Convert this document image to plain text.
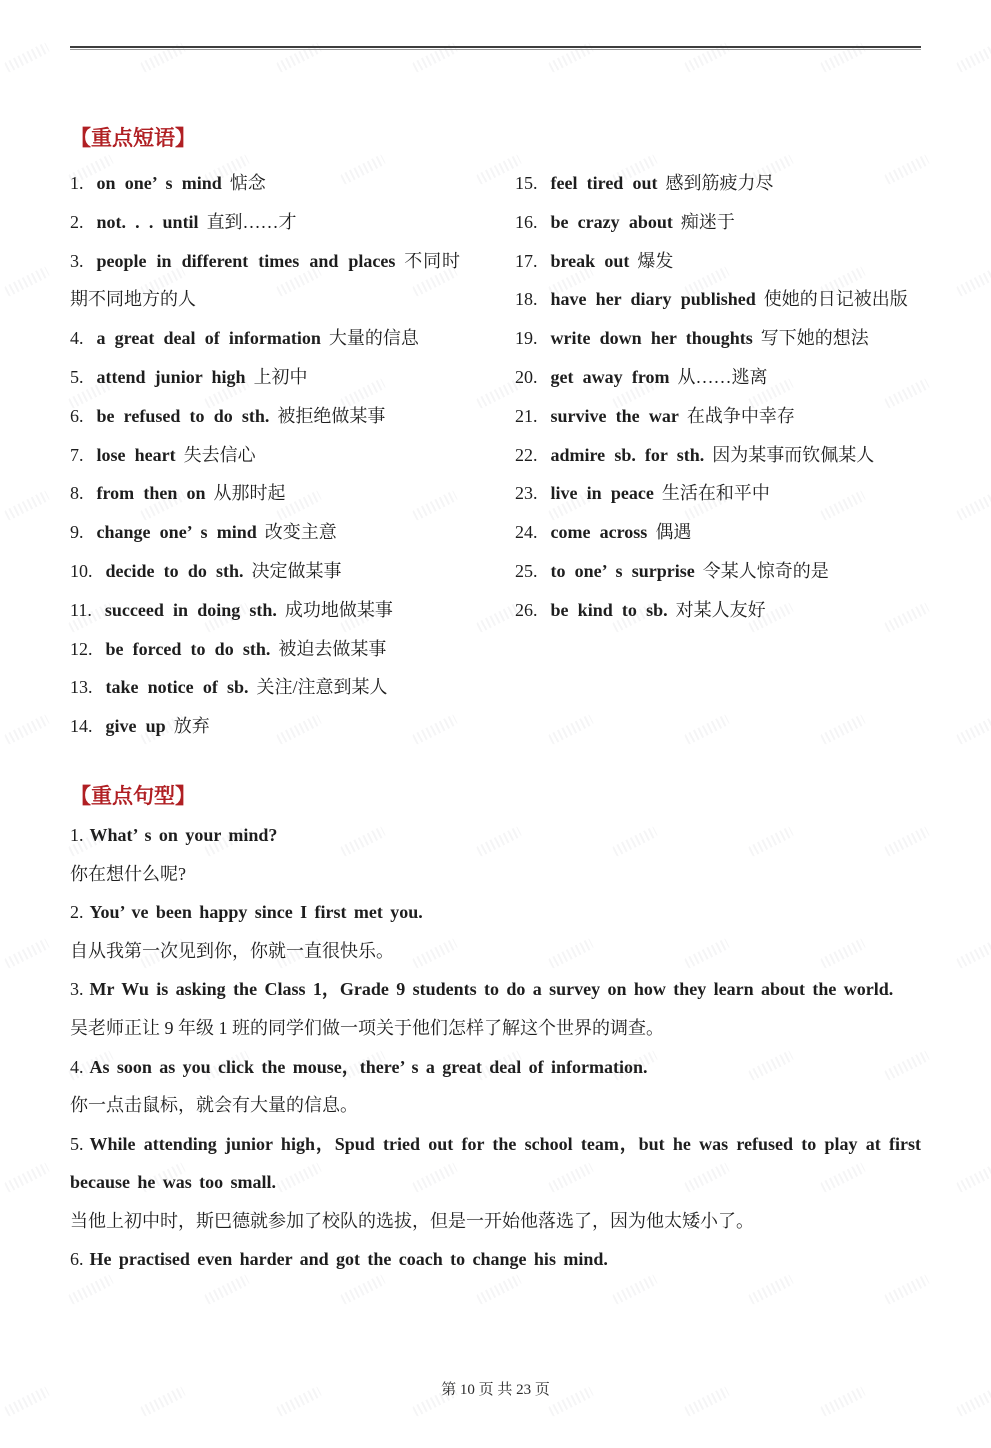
【重点短语】
1. on one’ s mind 惦念
2. not. . . until 直到……才
3. people in different times and places 不同时期不同地方的人
4. a great deal of information 大量的信息
5. attend junior high 上初中
6. be refused to do sth. 被拒绝做某事
7. lose heart 失去信心
8. from then on 从那时起
9. change one’ s mind 改变主意
10. decide to do sth. 决定做某事
11. succeed in doing sth. 成功地做某事
12. be forced to do sth. 被迫去做某事
13. take notice of sb. 关注/注意到某人
14. give up 放弃
15. feel tired out 感到筋疲力尽
16. be crazy about 痴迷于
17. break out 爆发
18. have her diary published 使她的日记被出版
19. write down her thoughts 写下她的想法
20. get away from 从……逃离
21. survive the war 在战争中幸存
22. admire sb. for sth. 因为某事而钦佩某人
23. live in peace 生活在和平中
24. come across 偶遇
25. to one’ s surprise 令某人惊奇的是
26. be kind to sb. 对某人友好
【重点句型】

1. What’ s on your mind?

你在想什么呢?

2. You’ ve been happy since I first met you.

自从我第一次见到你，你就一直很快乐。

3. Mr Wu is asking the Class 1，Grade 9 students to do a survey on how they learn about the world.

吴老师正让 9 年级 1 班的同学们做一项关于他们怎样了解这个世界的调查。

4. As soon as you click the mouse，there’ s a great deal of information.

你一点击鼠标，就会有大量的信息。

5. While attending junior high，Spud tried out for the school team，but he was refused to play at first because he was too small.

当他上初中时，斯巴德就参加了校队的选拔，但是一开始他落选了，因为他太矮小了。

6. He practised even harder and got the coach to change his mind.

第 10 页 共 23 页
